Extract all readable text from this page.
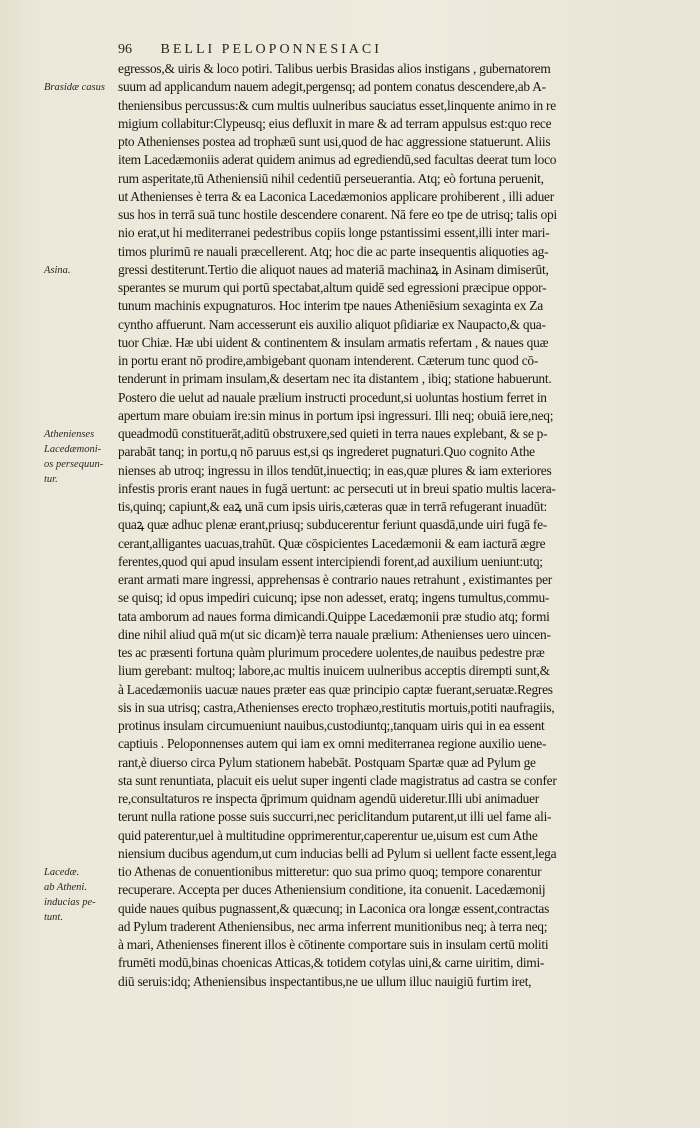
96 BELLI PELOPONNESIACI
Brasidæ casus
Asina.
Athenienses
Lacedæmoni-
os persequun-
tur.
Lacedæ.
ab Atheni.
inducias pe-
tunt.
egressos,& uiris & loco potiri. Talibus uerbis Brasidas alios instigans , gubernatorem
suum ad applicandum nauem adegit,pergensq; ad pontem conatus descendere,ab A-
theniensibus percussus:& cum multis uulneribus sauciatus esset,linquente animo in re
migium collabitur:Clypeusq; eius defluxit in mare & ad terram appulsus est:quo rece
pto Athenienses postea ad trophæū sunt usi,quod de hac aggressione statuerunt. Aliis
item Lacedæmoniis aderat quidem animus ad egrediendū,sed facultas deerat tum loco
rum asperitate,tū Atheniensiū nihil cedentiū perseuerantia. Atq; eò fortuna peruenit,
ut Athenienses è terra & ea Laconica Lacedæmonios applicare prohiberent , illi aduer
sus hos in terrā suā tunc hostile descendere conarent. Nā fere eo tpe de utrisq; talis opi
nio erat,ut hi mediterranei pedestribus copiis longe pstantissimi essent,illi inter mari-
timos plurimū re nauali præcellerent. Atq; hoc die ac parte insequentis aliquoties ag-
gressi destiterunt.Tertio die aliquot naues ad materiā machinaꝝ in Asinam dimiserūt,
sperantes se murum qui portū spectabat,altum quidē sed egressioni præcipue oppor-
tunum machinis expugnaturos. Hoc interim tpe naues Atheniēsium sexaginta ex Za
cyntho affuerunt. Nam accesserunt eis auxilio aliquot pſidiariæ ex Naupacto,& qua-
tuor Chiæ. Hæ ubi uident & continentem & insulam armatis refertam , & naues quæ
in portu erant nō prodire,ambigebant quonam intenderent. Cæterum tunc quod cō-
tenderunt in primam insulam,& desertam nec ita distantem , ibiq; statione habuerunt.
Postero die uelut ad nauale prælium instructi procedunt,si uoluntas hostium ferret in
apertum mare obuiam ire:sin minus in portum ipsi ingressuri. Illi neq; obuiā iere,neq;
queadmodū constituerāt,aditū obstruxere,sed quieti in terra naues explebant, & se p-
parabāt tanq; in portu,q nō paruus est,si qs ingrederet pugnaturi.Quo cognito Athe
nienses ab utroq; ingressu in illos tendūt,inuectiq; in eas,quæ plures & iam exteriores
infestis proris erant naues in fugā uertunt: ac persecuti ut in breui spatio multis lacera-
tis,quinq; capiunt,& eaꝝ unā cum ipsis uiris,cæteras quæ in terrā refugerant inuadūt:
quaꝝ quæ adhuc plenæ erant,priusq; subducerentur feriunt quasdā,unde uiri fugā fe-
cerant,alligantes uacuas,trahūt. Quæ cōspicientes Lacedæmonii & eam iacturā ægre
ferentes,quod qui apud insulam essent intercipiendi forent,ad auxilium ueniunt:utq;
erant armati mare ingressi, apprehensas è contrario naues retrahunt , existimantes per
se quisq; id opus impediri cuicunq; ipse non adesset, eratq; ingens tumultus,commu-
tata amborum ad naues forma dimicandi.Quippe Lacedæmonii præ studio atq; formi
dine nihil aliud quā m(ut sic dicam)è terra nauale prælium: Athenienses uero uincen-
tes ac præsenti fortuna quàm plurimum procedere uolentes,de nauibus pedestre præ
lium gerebant: multoq; labore,ac multis inuicem uulneribus acceptis dirempti sunt,&
à Lacedæmoniis uacuæ naues præter eas quæ principio captæ fuerant,seruatæ.Regres
sis in sua utrisq; castra,Athenienses erecto trophæo,restitutis mortuis,potiti naufragiis,
protinus insulam circumueniunt nauibus,custodiuntq;,tanquam uiris qui in ea essent
captiuis . Peloponnenses autem qui iam ex omni mediterranea regione auxilio uene-
rant,è diuerso circa Pylum stationem habebāt. Postquam Spartæ quæ ad Pylum ge
sta sunt renuntiata, placuit eis uelut super ingenti clade magistratus ad castra se confer
re,consultaturos re inspecta q̄primum quidnam agendū uideretur.Illi ubi animaduer
terunt nulla ratione posse suis succurri,nec periclitandum putarent,ut illi uel fame ali-
quid paterentur,uel à multitudine opprimerentur,caperentur ue,uisum est cum Athe
niensium ducibus agendum,ut cum inducias belli ad Pylum si uellent facte essent,lega
tio Athenas de conuentionibus mitteretur: quo sua primo quoq; tempore conarentur
recuperare. Accepta per duces Atheniensium conditione, ita conuenit. Lacedæmonij
quide naues quibus pugnassent,& quæcunq; in Laconica ora longæ essent,contractas
ad Pylum traderent Atheniensibus, nec arma inferrent munitionibus neq; à terra neq;
à mari, Athenienses finerent illos è cōtinente comportare suis in insulam certū moliti
frumēti modū,binas choenicas Atticas,& totidem cotylas uini,& carne uiritim, dimi-
diū seruis:idq; Atheniensibus inspectantibus,ne ue ullum illuc nauigiū furtim iret,
